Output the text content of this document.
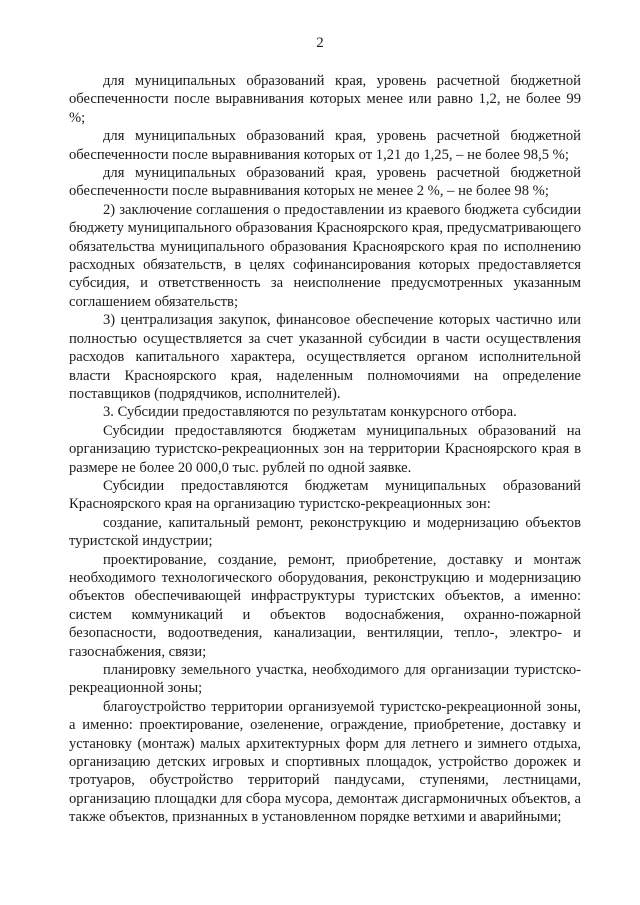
2

для муниципальных образований края, уровень расчетной бюджетной обеспеченности после выравнивания которых менее или равно 1,2, не более 99 %;

для муниципальных образований края, уровень расчетной бюджетной обеспеченности после выравнивания которых от 1,21 до 1,25, – не более 98,5 %;

для муниципальных образований края, уровень расчетной бюджетной обеспеченности после выравнивания которых не менее 2 %, – не более 98 %;

2) заключение соглашения о предоставлении из краевого бюджета субсидии бюджету муниципального образования Красноярского края, предусматривающего обязательства муниципального образования Красноярского края по исполнению расходных обязательств, в целях софинансирования которых предоставляется субсидия, и ответственность за неисполнение предусмотренных указанным соглашением обязательств;

3) централизация закупок, финансовое обеспечение которых частично или полностью осуществляется за счет указанной субсидии в части осуществления расходов капитального характера, осуществляется органом исполнительной власти Красноярского края, наделенным полномочиями на определение поставщиков (подрядчиков, исполнителей).

3. Субсидии предоставляются по результатам конкурсного отбора.

Субсидии предоставляются бюджетам муниципальных образований на организацию туристско-рекреационных зон на территории Красноярского края в размере не более 20 000,0 тыс. рублей по одной заявке.

Субсидии предоставляются бюджетам муниципальных образований Красноярского края на организацию туристско-рекреационных зон:

создание, капитальный ремонт, реконструкцию и модернизацию объектов туристской индустрии;

проектирование, создание, ремонт, приобретение, доставку и монтаж необходимого технологического оборудования, реконструкцию и модернизацию объектов обеспечивающей инфраструктуры туристских объектов, а именно: систем коммуникаций и объектов водоснабжения, охранно-пожарной безопасности, водоотведения, канализации, вентиляции, тепло-, электро- и газоснабжения, связи;

планировку земельного участка, необходимого для организации туристско-рекреационной зоны;

благоустройство территории организуемой туристско-рекреационной зоны, а именно: проектирование, озеленение, ограждение, приобретение, доставку и установку (монтаж) малых архитектурных форм для летнего и зимнего отдыха, организацию детских игровых и спортивных площадок, устройство дорожек и тротуаров, обустройство территорий пандусами, ступенями, лестницами, организацию площадки для сбора мусора, демонтаж дисгармоничных объектов, а также объектов, признанных в установленном порядке ветхими и аварийными;
